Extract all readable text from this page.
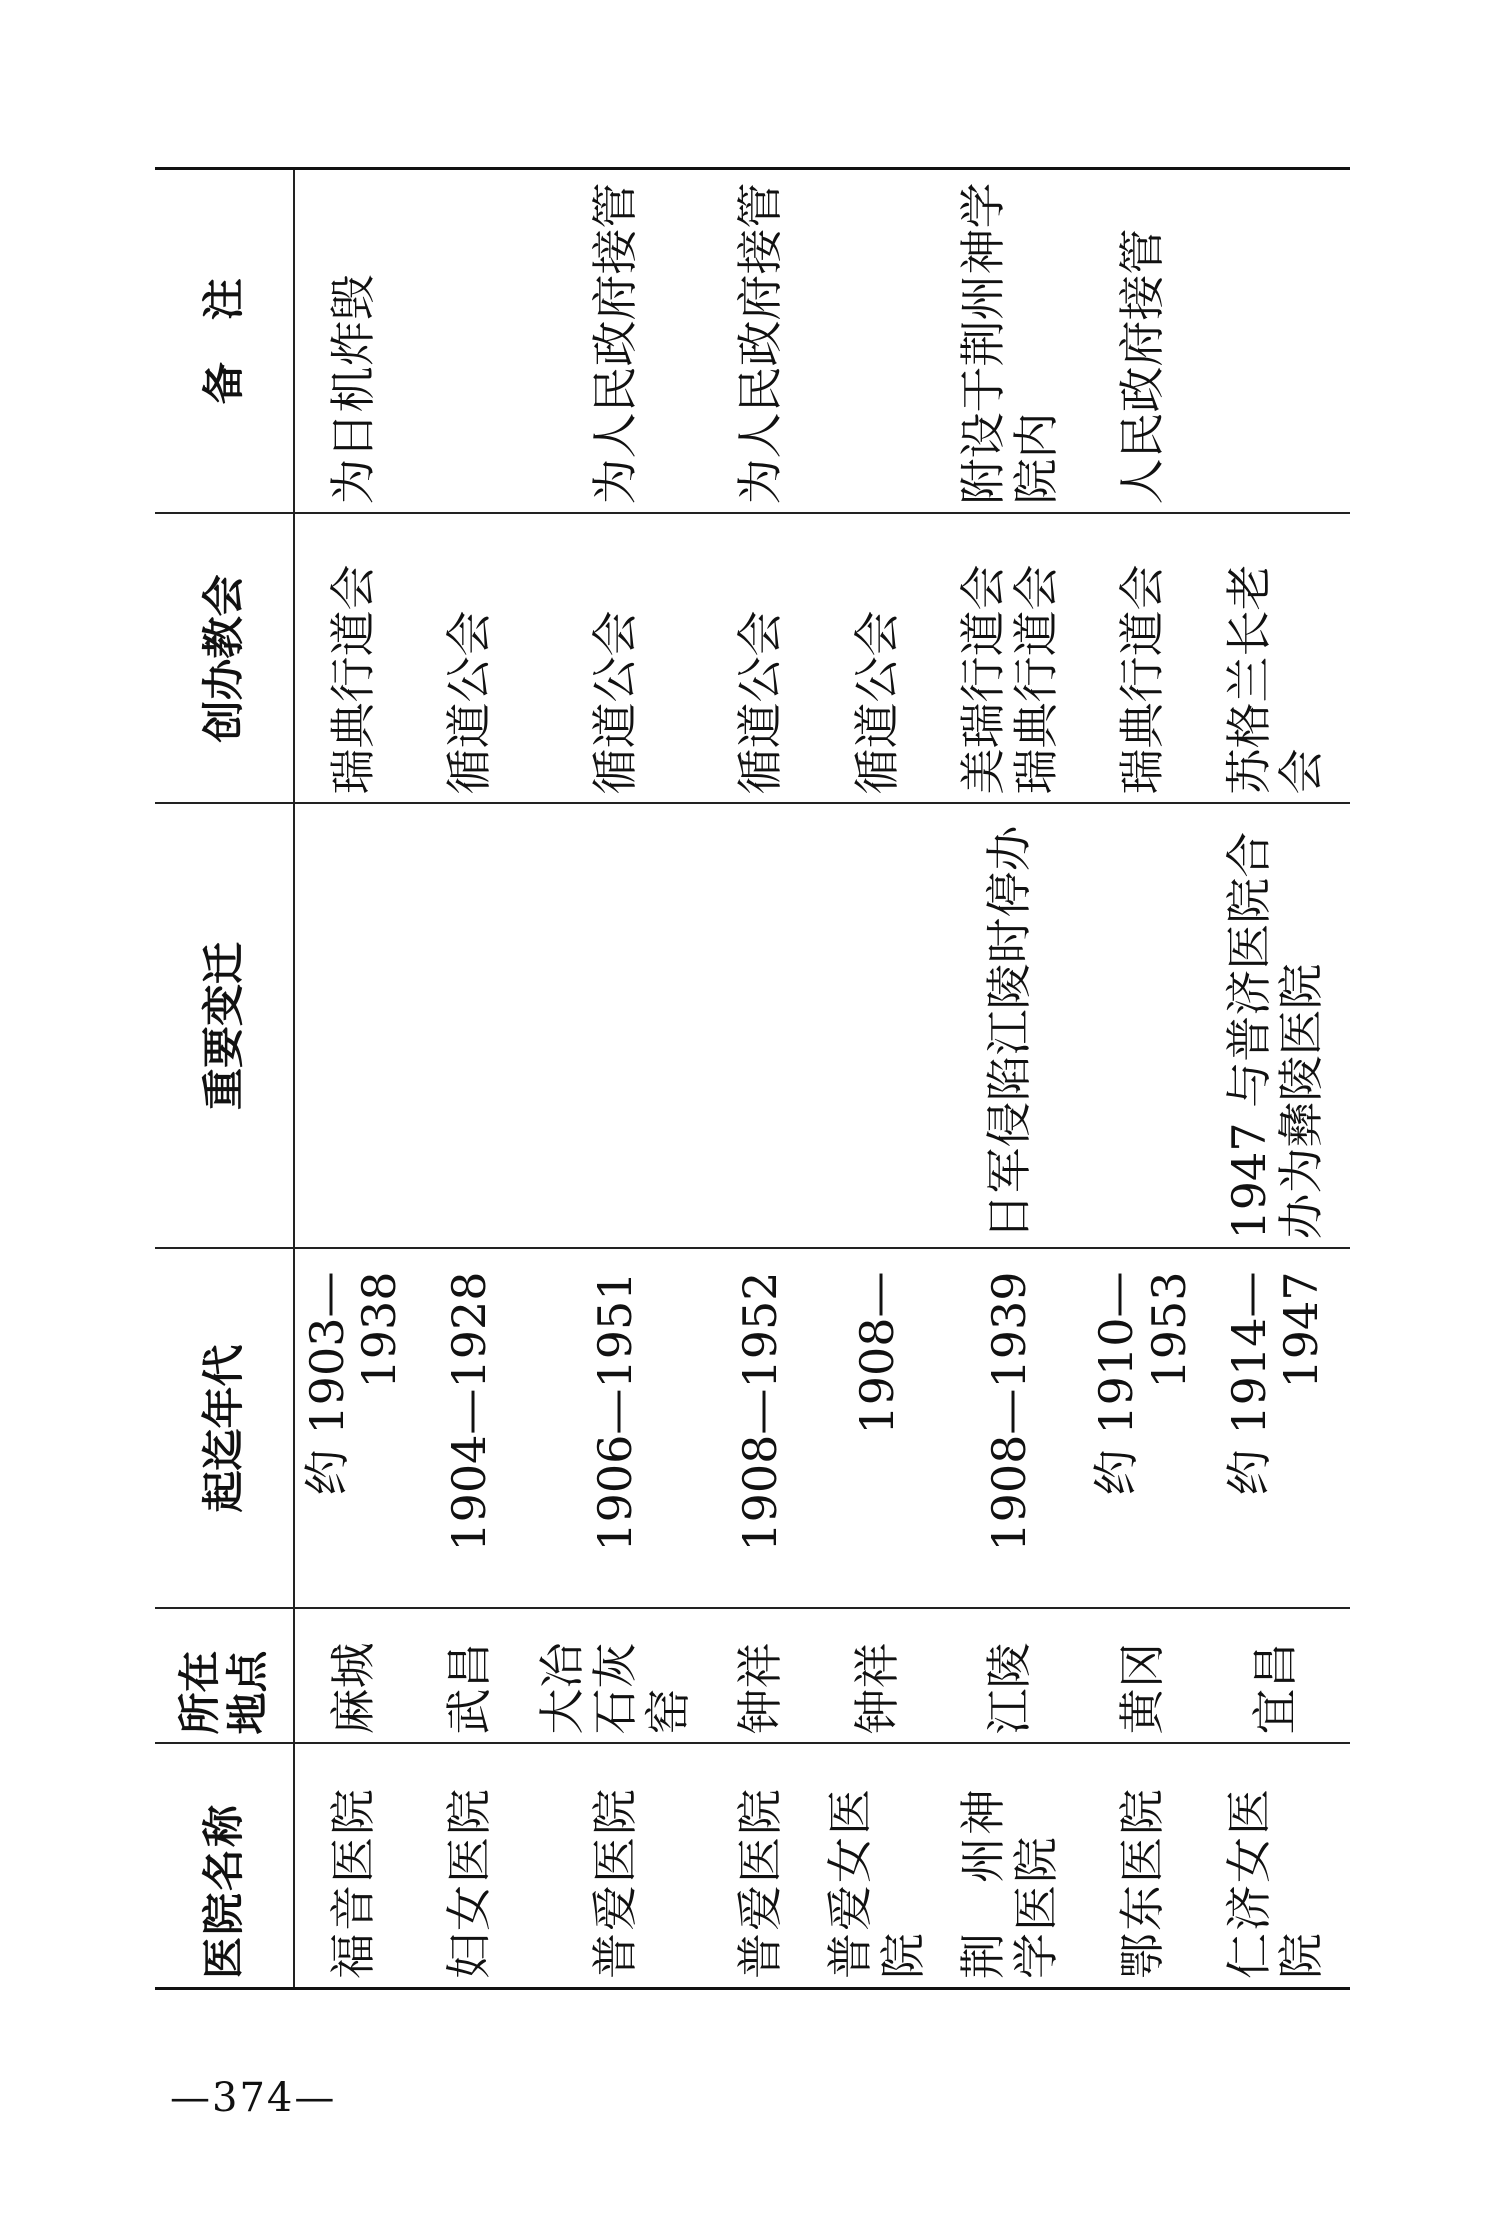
医院名称	所在地点	起迄年代	重要变迁	创办教会	备　注
福音医院	麻城	约 1903—1938		瑞典行道会	为日机炸毁
妇女医院	武昌	1904—1928		循道公会	
普爱医院	大冶石灰窑	1906—1951		循道公会	为人民政府接管
普爱医院	钟祥	1908—1952		循道公会	为人民政府接管
普爱女医院	钟祥	1908—		循道公会	
荆　州神学医院	江陵	1908—1939	日军侵陷江陵时停办	美瑞行道会瑞典行道会	附设于荆州神学院内
鄂东医院	黄冈	约 1910—1953		瑞典行道会	人民政府接管
仁济女医院	宜昌	约 1914—1947	1947 与普济医院合办为彝陵医院	苏格兰长老会	
—374—
